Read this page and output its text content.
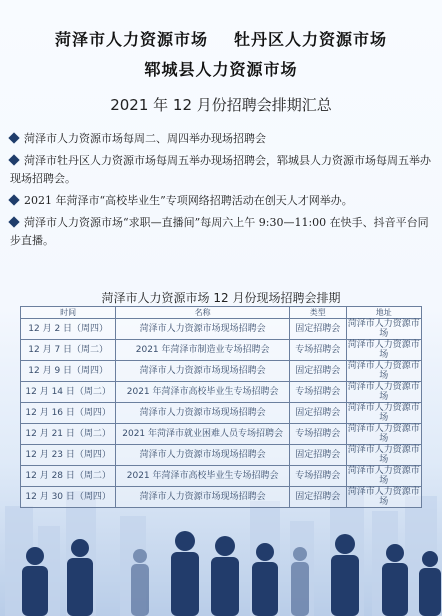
菏泽市人力资源市场 牡丹区人力资源市场
郓城县人力资源市场
2021 年 12 月份招聘会排期汇总
菏泽市人力资源市场每周二、周四举办现场招聘会
菏泽市牡丹区人力资源市场每周五举办现场招聘会，郓城县人力资源市场每周五举办现场招聘会。
2021 年菏泽市“高校毕业生”专项网络招聘活动在创天人才网举办。
菏泽市人力资源市场“求职—直播间”每周六上午 9:30—11:00 在快手、抖音平台同步直播。
菏泽市人力资源市场 12 月份现场招聘会排期
时间	名称	类型	地址
12 月 2 日（周四）	菏泽市人力资源市场现场招聘会	固定招聘会	菏泽市人力资源市场
12 月 7 日（周二）	2021 年菏泽市制造业专场招聘会	专场招聘会	菏泽市人力资源市场
12 月 9 日（周四）	菏泽市人力资源市场现场招聘会	固定招聘会	菏泽市人力资源市场
12 月 14 日（周二）	2021 年菏泽市高校毕业生专场招聘会	专场招聘会	菏泽市人力资源市场
12 月 16 日（周四）	菏泽市人力资源市场现场招聘会	固定招聘会	菏泽市人力资源市场
12 月 21 日（周二）	2021 年菏泽市就业困难人员专场招聘会	专场招聘会	菏泽市人力资源市场
12 月 23 日（周四）	菏泽市人力资源市场现场招聘会	固定招聘会	菏泽市人力资源市场
12 月 28 日（周二）	2021 年菏泽市高校毕业生专场招聘会	专场招聘会	菏泽市人力资源市场
12 月 30 日（周四）	菏泽市人力资源市场现场招聘会	固定招聘会	菏泽市人力资源市场
